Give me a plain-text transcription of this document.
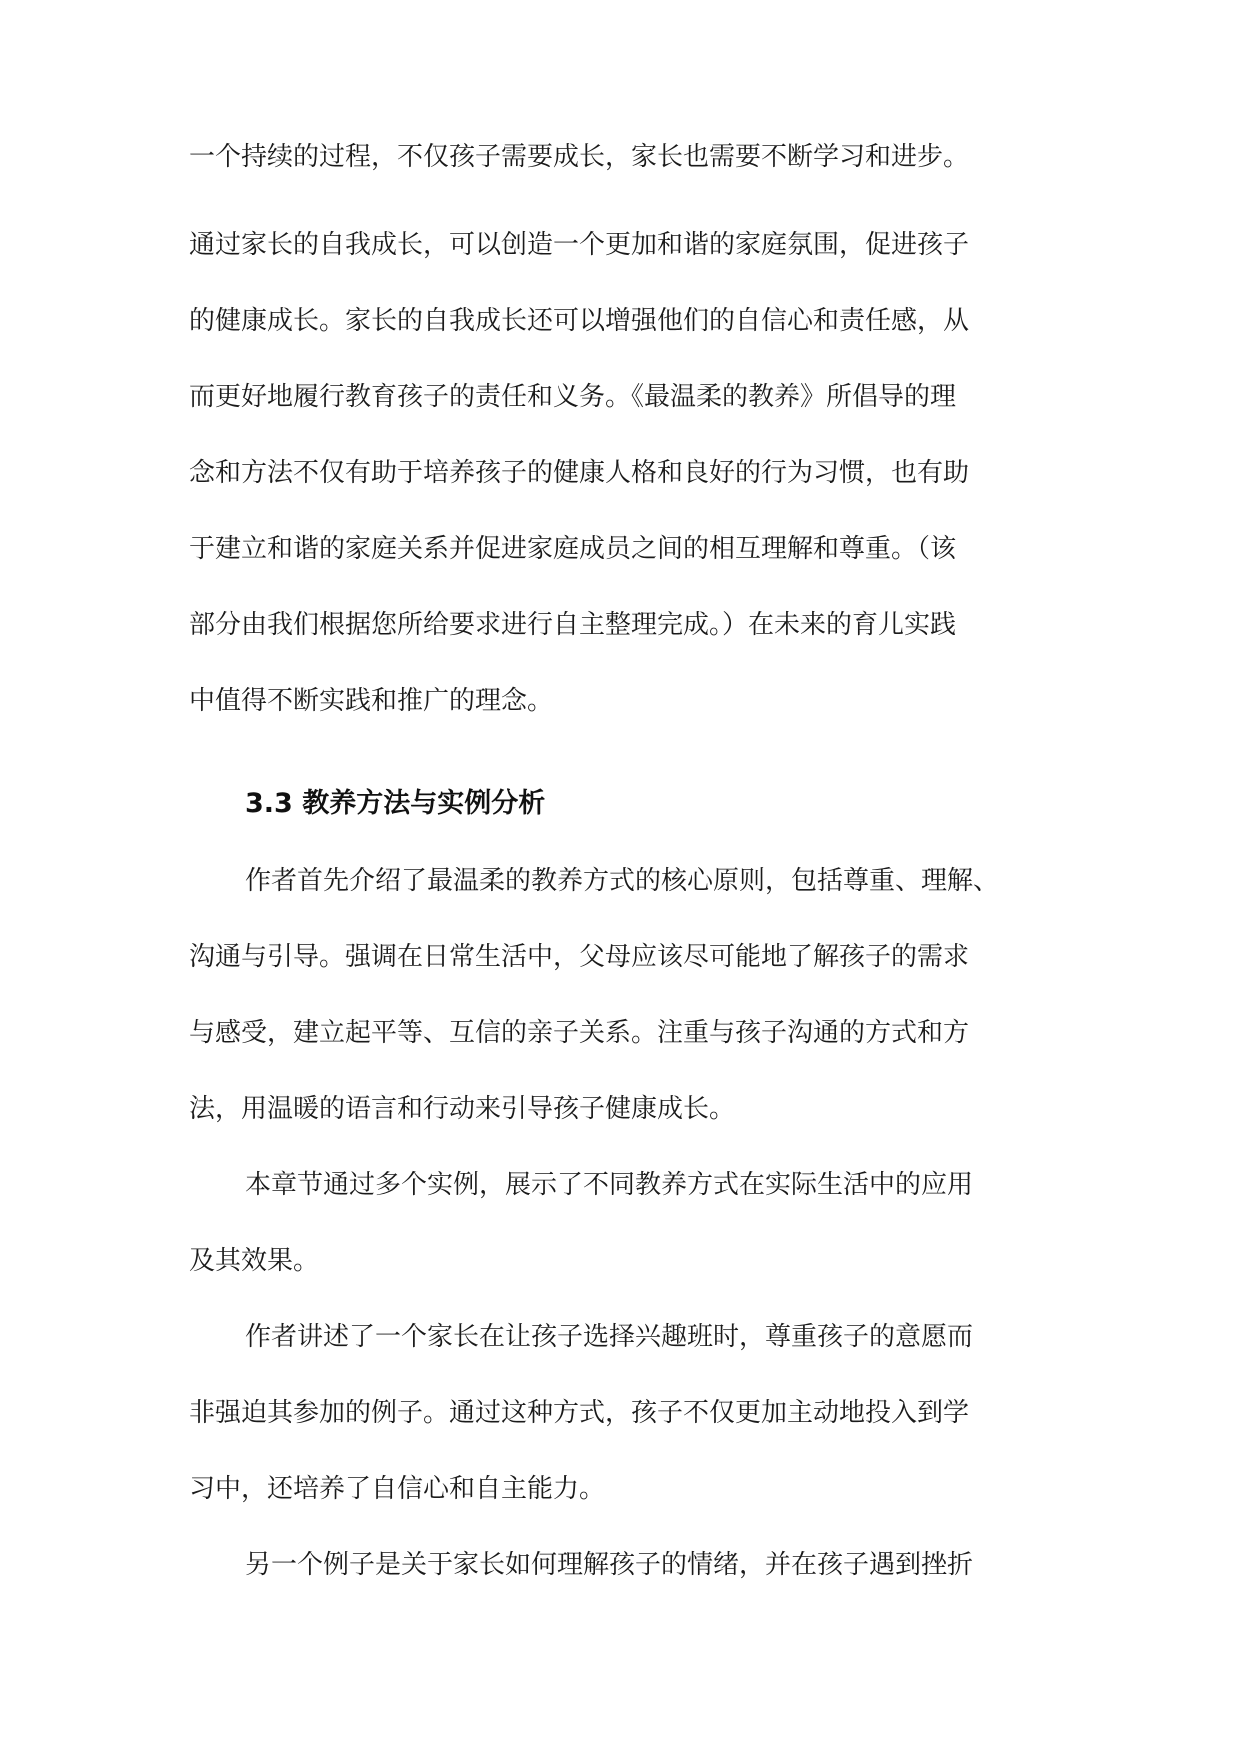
一个持续的过程，不仅孩子需要成长，家长也需要不断学习和进步。
通过家长的自我成长，可以创造一个更加和谐的家庭氛围，促进孩子
的健康成长。家长的自我成长还可以增强他们的自信心和责任感，从
而更好地履行教育孩子的责任和义务。《最温柔的教养》所倡导的理
念和方法不仅有助于培养孩子的健康人格和良好的行为习惯，也有助
于建立和谐的家庭关系并促进家庭成员之间的相互理解和尊重。（该
部分由我们根据您所给要求进行自主整理完成。）在未来的育儿实践
中值得不断实践和推广的理念。
3.3 教养方法与实例分析
作者首先介绍了最温柔的教养方式的核心原则，包括尊重、理解、
沟通与引导。强调在日常生活中，父母应该尽可能地了解孩子的需求
与感受，建立起平等、互信的亲子关系。注重与孩子沟通的方式和方
法，用温暖的语言和行动来引导孩子健康成长。
本章节通过多个实例，展示了不同教养方式在实际生活中的应用
及其效果。
作者讲述了一个家长在让孩子选择兴趣班时，尊重孩子的意愿而
非强迫其参加的例子。通过这种方式，孩子不仅更加主动地投入到学
习中，还培养了自信心和自主能力。
另一个例子是关于家长如何理解孩子的情绪，并在孩子遇到挫折
